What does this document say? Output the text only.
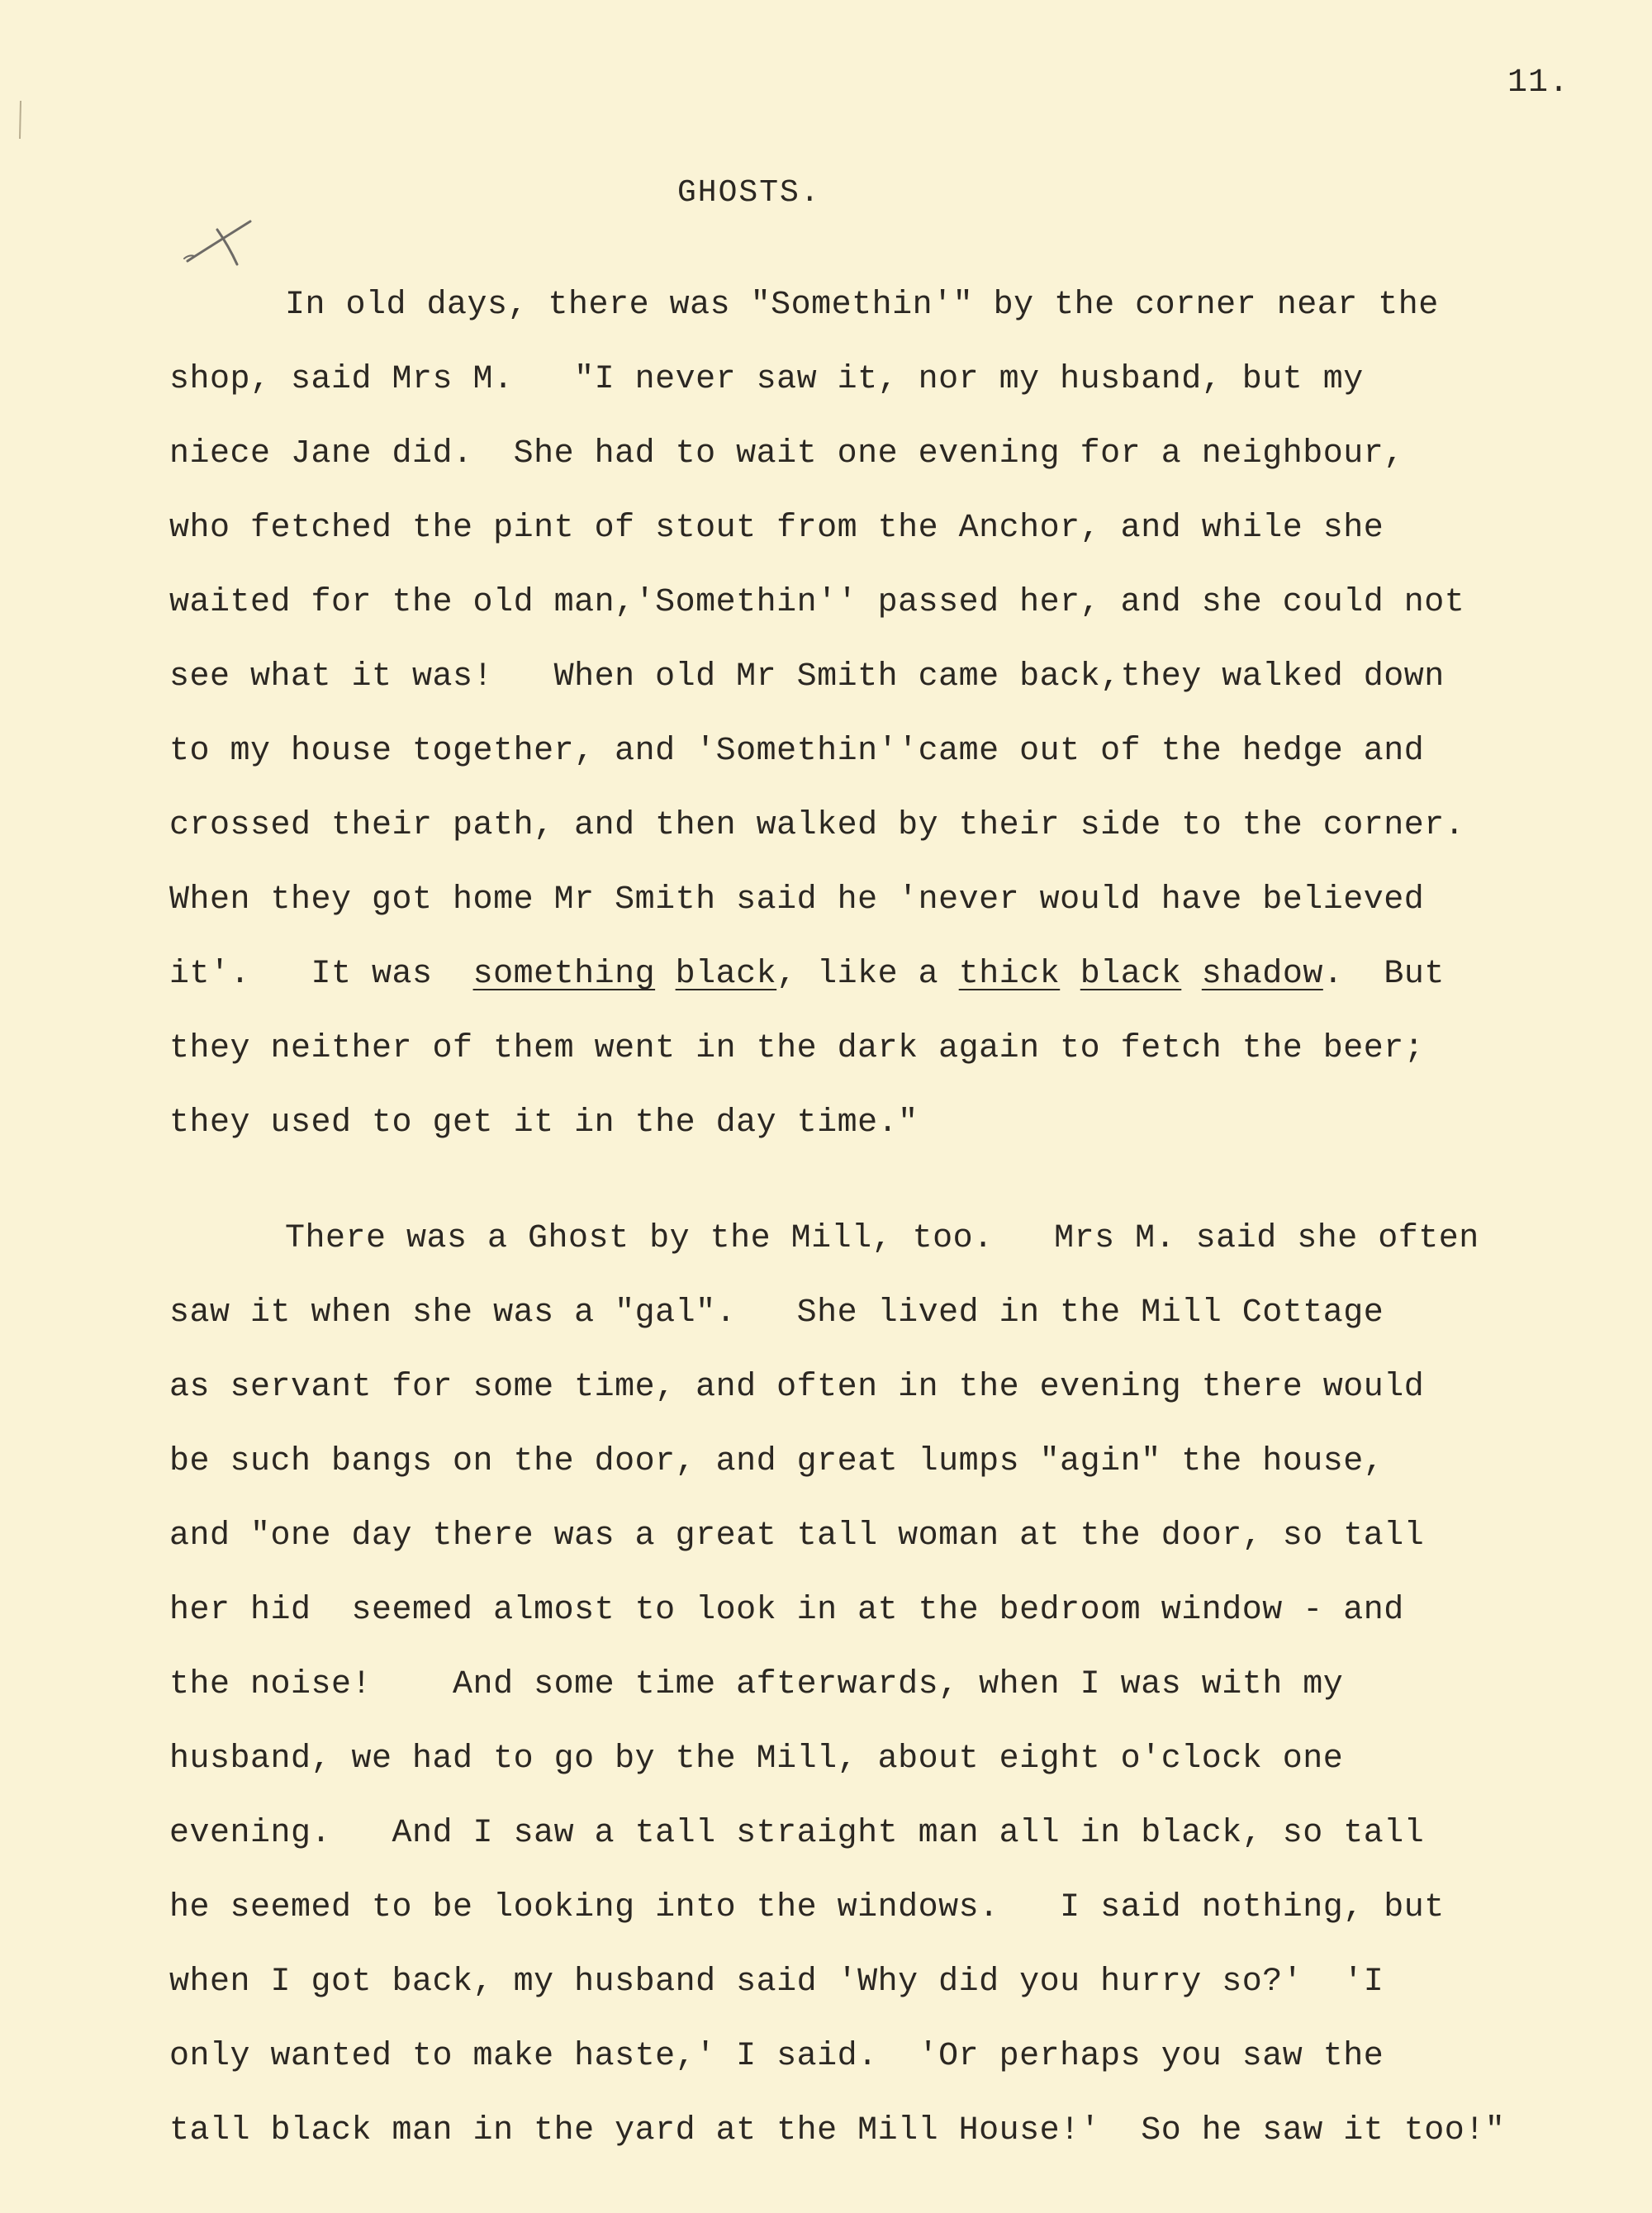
11.
GHOSTS.
In old days, there was "Somethin'" by the corner near the
shop, said Mrs M.   "I never saw it, nor my husband, but my
niece Jane did.  She had to wait one evening for a neighbour,
who fetched the pint of stout from the Anchor, and while she
waited for the old man,'Somethin'' passed her, and she could not
see what it was!   When old Mr Smith came back,they walked down
to my house together, and 'Somethin''came out of the hedge and
crossed their path, and then walked by their side to the corner.
When they got home Mr Smith said he 'never would have believed
it'.   It was  something black, like a thick black shadow.  But
they neither of them went in the dark again to fetch the beer;
they used to get it in the day time."
There was a Ghost by the Mill, too.   Mrs M. said she often
saw it when she was a "gal".   She lived in the Mill Cottage
as servant for some time, and often in the evening there would
be such bangs on the door, and great lumps "agin" the house,
and "one day there was a great tall woman at the door, so tall
her hid  seemed almost to look in at the bedroom window - and
the noise!    And some time afterwards, when I was with my
husband, we had to go by the Mill, about eight o'clock one
evening.   And I saw a tall straight man all in black, so tall
he seemed to be looking into the windows.   I said nothing, but
when I got back, my husband said 'Why did you hurry so?'  'I
only wanted to make haste,' I said.  'Or perhaps you saw the
tall black man in the yard at the Mill House!'  So he saw it too!"
